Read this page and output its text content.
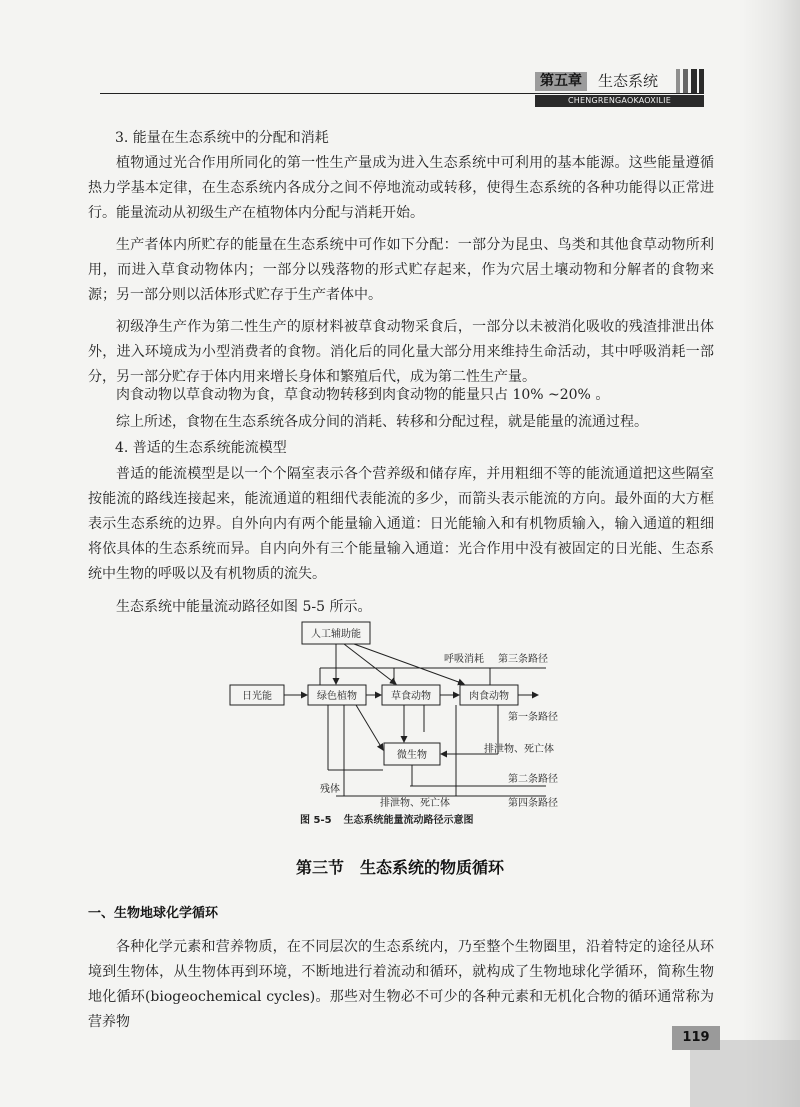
第五章	生态系统
CHENGRENGAOKAOXILIE

3. 能量在生态系统中的分配和消耗

植物通过光合作用所同化的第一性生产量成为进入生态系统中可利用的基本能源。这些能量遵循热力学基本定律，在生态系统内各成分之间不停地流动或转移，使得生态系统的各种功能得以正常进行。能量流动从初级生产在植物体内分配与消耗开始。

生产者体内所贮存的能量在生态系统中可作如下分配：一部分为昆虫、鸟类和其他食草动物所利用，而进入草食动物体内；一部分以残落物的形式贮存起来，作为穴居土壤动物和分解者的食物来源；另一部分则以活体形式贮存于生产者体中。

初级净生产作为第二性生产的原材料被草食动物采食后，一部分以未被消化吸收的残渣排泄出体外，进入环境成为小型消费者的食物。消化后的同化量大部分用来维持生命活动，其中呼吸消耗一部分，另一部分贮存于体内用来增长身体和繁殖后代，成为第二性生产量。

肉食动物以草食动物为食，草食动物转移到肉食动物的能量只占 10% ~20% 。

综上所述，食物在生态系统各成分间的消耗、转移和分配过程，就是能量的流通过程。

4. 普适的生态系统能流模型

普适的能流模型是以一个个隔室表示各个营养级和储存库，并用粗细不等的能流通道把这些隔室按能流的路线连接起来，能流通道的粗细代表能流的多少，而箭头表示能流的方向。最外面的大方框表示生态系统的边界。自外向内有两个能量输入通道：日光能输入和有机物质输入，输入通道的粗细将依具体的生态系统而异。自内向外有三个能量输入通道：光合作用中没有被固定的日光能、生态系统中生物的呼吸以及有机物质的流失。

生态系统中能量流动路径如图 5-5 所示。

人工辅助能
日光能	绿色植物	草食动物	肉食动物
微生物
呼吸消耗 第三条路径
第一条路径
排泄物、死亡体
第二条路径
残体
排泄物、死亡体	第四条路径
图 5-5 生态系统能量流动路径示意图
第三节　生态系统的物质循环
一、生物地球化学循环

各种化学元素和营养物质，在不同层次的生态系统内，乃至整个生物圈里，沿着特定的途径从环境到生物体，从生物体再到环境，不断地进行着流动和循环，就构成了生物地球化学循环，简称生物地化循环(biogeochemical cycles)。那些对生物必不可少的各种元素和无机化合物的循环通常称为营养物

119
